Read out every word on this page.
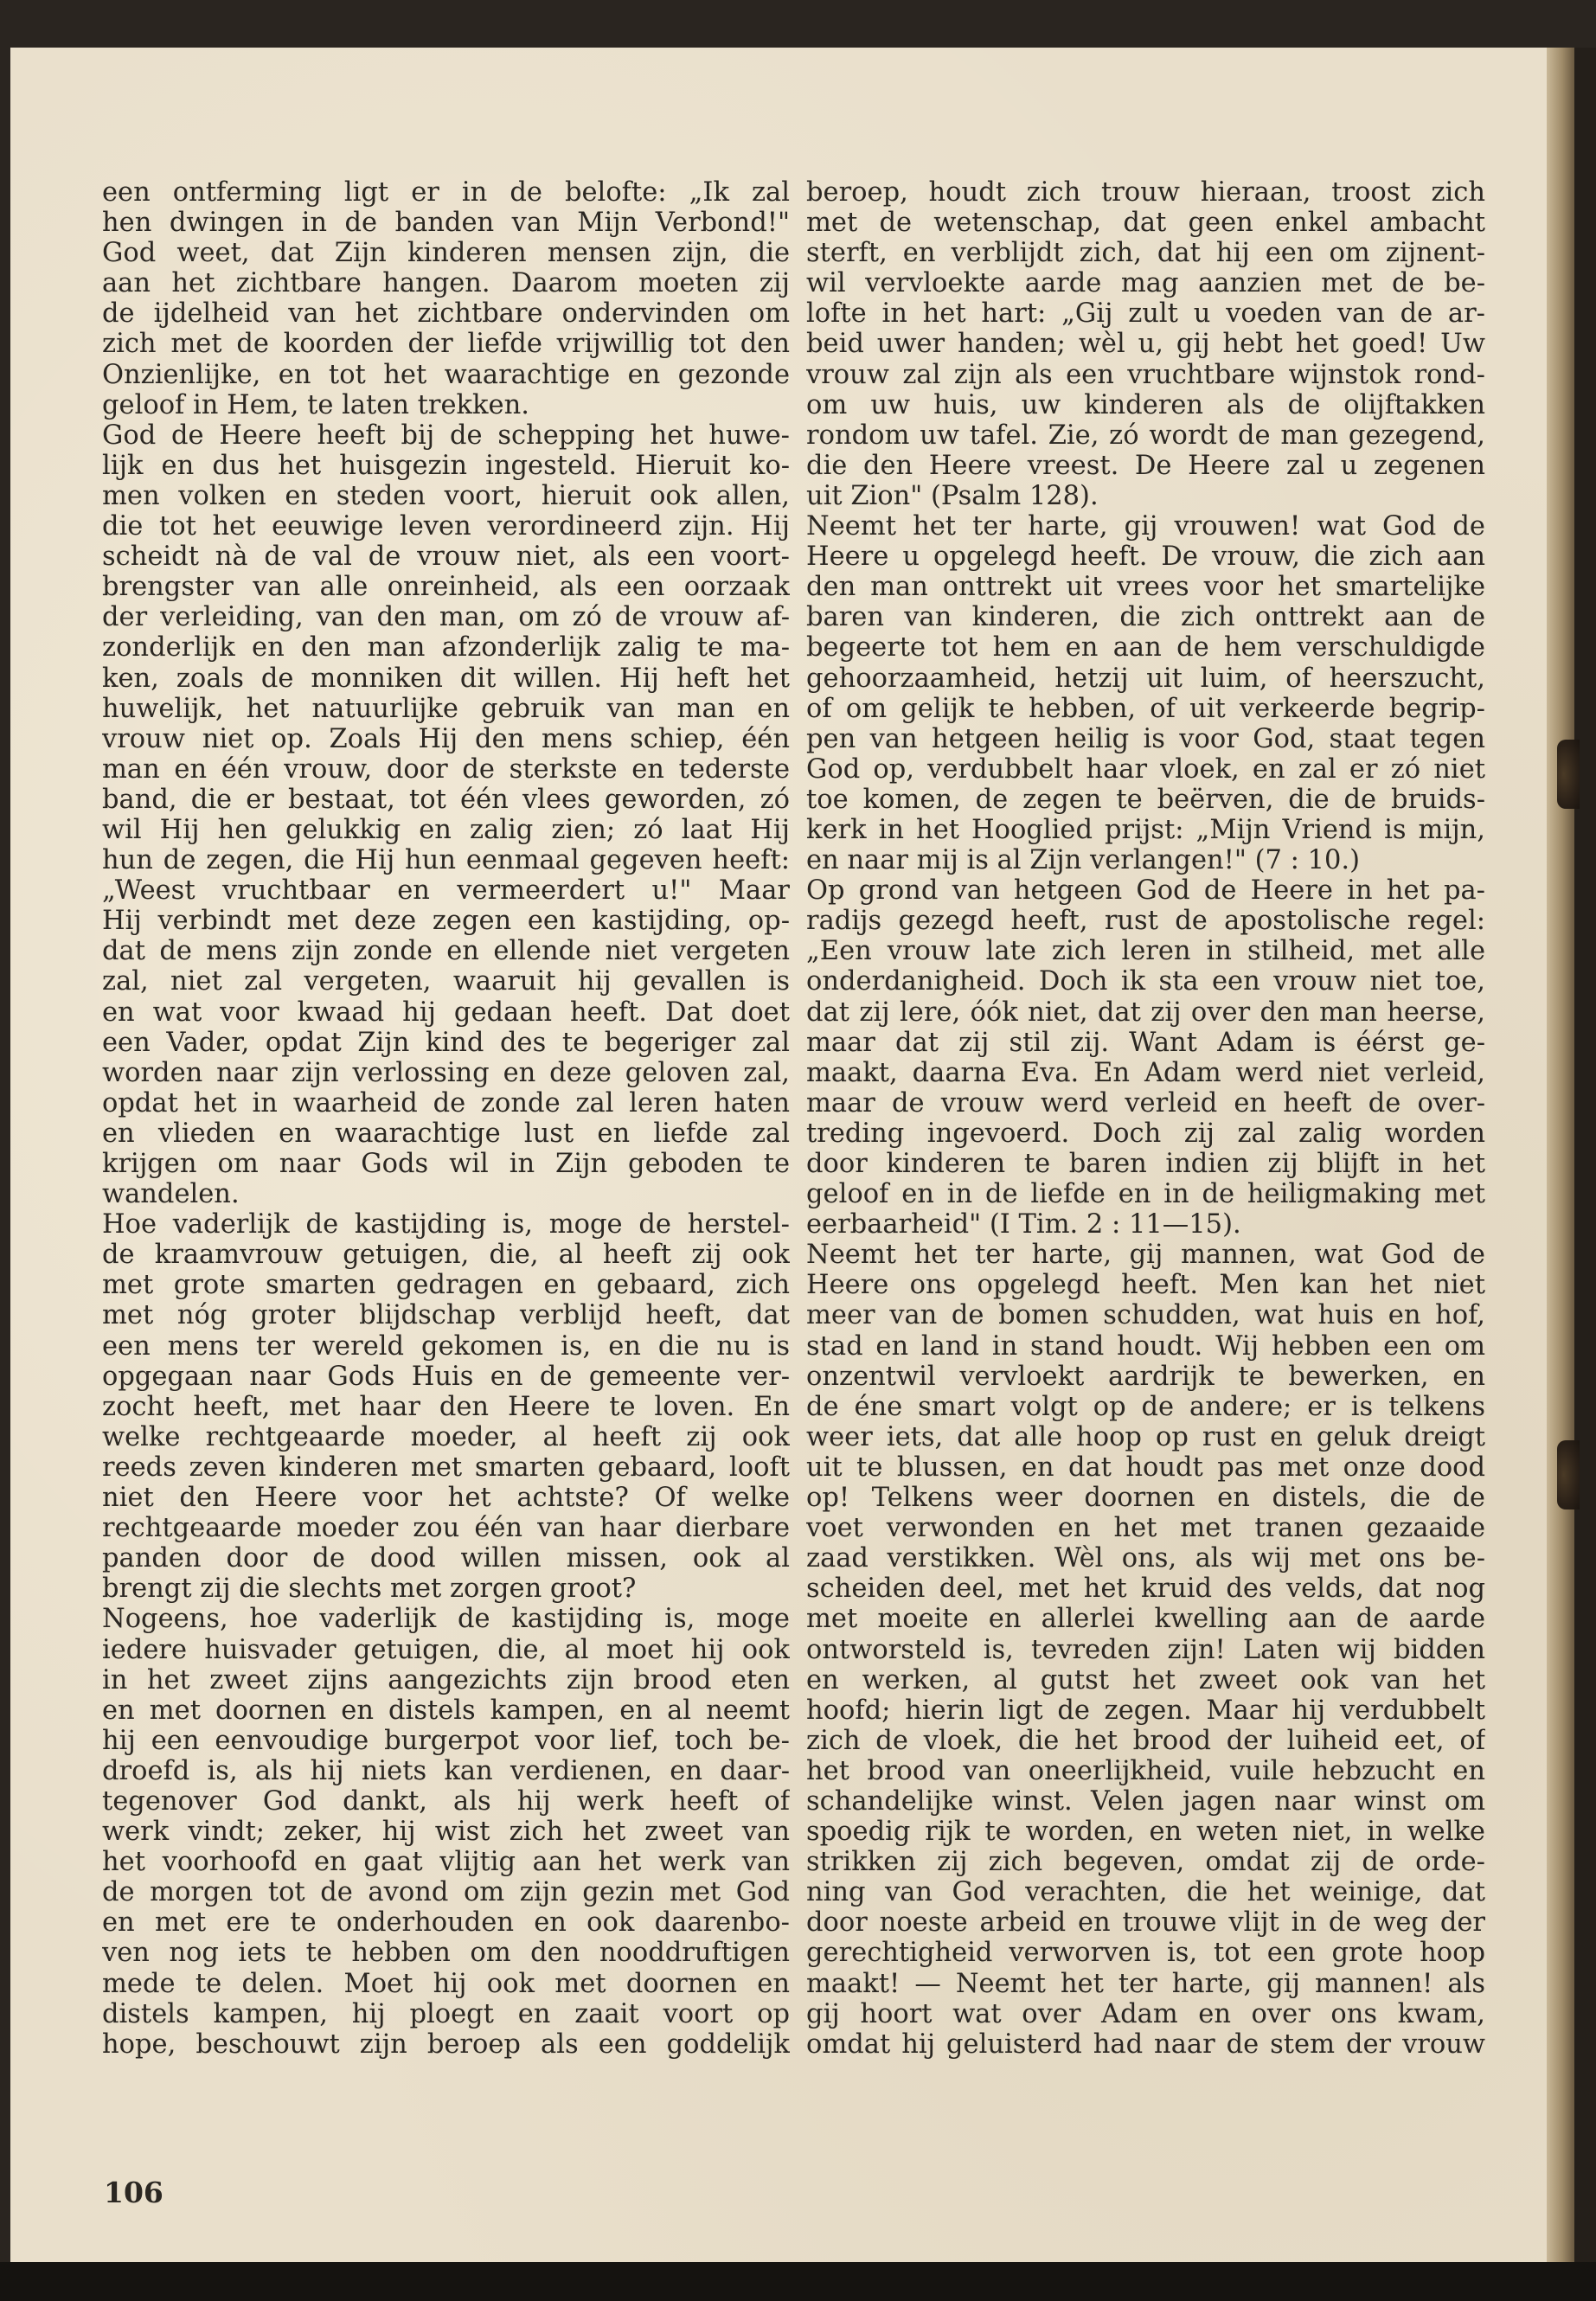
een ontferming ligt er in de belofte: „Ik zal
hen dwingen in de banden van Mijn Verbond!"
God weet, dat Zijn kinderen mensen zijn, die
aan het zichtbare hangen. Daarom moeten zij
de ijdelheid van het zichtbare ondervinden om
zich met de koorden der liefde vrijwillig tot den
Onzienlijke, en tot het waarachtige en gezonde
geloof in Hem, te laten trekken.
God de Heere heeft bij de schepping het huwe-
lijk en dus het huisgezin ingesteld. Hieruit ko-
men volken en steden voort, hieruit ook allen,
die tot het eeuwige leven verordineerd zijn. Hij
scheidt nà de val de vrouw niet, als een voort-
brengster van alle onreinheid, als een oorzaak
der verleiding, van den man, om zó de vrouw af-
zonderlijk en den man afzonderlijk zalig te ma-
ken, zoals de monniken dit willen. Hij heft het
huwelijk, het natuurlijke gebruik van man en
vrouw niet op. Zoals Hij den mens schiep, één
man en één vrouw, door de sterkste en tederste
band, die er bestaat, tot één vlees geworden, zó
wil Hij hen gelukkig en zalig zien; zó laat Hij
hun de zegen, die Hij hun eenmaal gegeven heeft:
„Weest vruchtbaar en vermeerdert u!" Maar
Hij verbindt met deze zegen een kastijding, op-
dat de mens zijn zonde en ellende niet vergeten
zal, niet zal vergeten, waaruit hij gevallen is
en wat voor kwaad hij gedaan heeft. Dat doet
een Vader, opdat Zijn kind des te begeriger zal
worden naar zijn verlossing en deze geloven zal,
opdat het in waarheid de zonde zal leren haten
en vlieden en waarachtige lust en liefde zal
krijgen om naar Gods wil in Zijn geboden te
wandelen.
Hoe vaderlijk de kastijding is, moge de herstel-
de kraamvrouw getuigen, die, al heeft zij ook
met grote smarten gedragen en gebaard, zich
met nóg groter blijdschap verblijd heeft, dat
een mens ter wereld gekomen is, en die nu is
opgegaan naar Gods Huis en de gemeente ver-
zocht heeft, met haar den Heere te loven. En
welke rechtgeaarde moeder, al heeft zij ook
reeds zeven kinderen met smarten gebaard, looft
niet den Heere voor het achtste? Of welke
rechtgeaarde moeder zou één van haar dierbare
panden door de dood willen missen, ook al
brengt zij die slechts met zorgen groot?
Nogeens, hoe vaderlijk de kastijding is, moge
iedere huisvader getuigen, die, al moet hij ook
in het zweet zijns aangezichts zijn brood eten
en met doornen en distels kampen, en al neemt
hij een eenvoudige burgerpot voor lief, toch be-
droefd is, als hij niets kan verdienen, en daar-
tegenover God dankt, als hij werk heeft of
werk vindt; zeker, hij wist zich het zweet van
het voorhoofd en gaat vlijtig aan het werk van
de morgen tot de avond om zijn gezin met God
en met ere te onderhouden en ook daarenbo-
ven nog iets te hebben om den nooddruftigen
mede te delen. Moet hij ook met doornen en
distels kampen, hij ploegt en zaait voort op
hope, beschouwt zijn beroep als een goddelijk
beroep, houdt zich trouw hieraan, troost zich
met de wetenschap, dat geen enkel ambacht
sterft, en verblijdt zich, dat hij een om zijnent-
wil vervloekte aarde mag aanzien met de be-
lofte in het hart: „Gij zult u voeden van de ar-
beid uwer handen; wèl u, gij hebt het goed! Uw
vrouw zal zijn als een vruchtbare wijnstok rond-
om uw huis, uw kinderen als de olijftakken
rondom uw tafel. Zie, zó wordt de man gezegend,
die den Heere vreest. De Heere zal u zegenen
uit Zion" (Psalm 128).
Neemt het ter harte, gij vrouwen! wat God de
Heere u opgelegd heeft. De vrouw, die zich aan
den man onttrekt uit vrees voor het smartelijke
baren van kinderen, die zich onttrekt aan de
begeerte tot hem en aan de hem verschuldigde
gehoorzaamheid, hetzij uit luim, of heerszucht,
of om gelijk te hebben, of uit verkeerde begrip-
pen van hetgeen heilig is voor God, staat tegen
God op, verdubbelt haar vloek, en zal er zó niet
toe komen, de zegen te beërven, die de bruids-
kerk in het Hooglied prijst: „Mijn Vriend is mijn,
en naar mij is al Zijn verlangen!" (7 : 10.)
Op grond van hetgeen God de Heere in het pa-
radijs gezegd heeft, rust de apostolische regel:
„Een vrouw late zich leren in stilheid, met alle
onderdanigheid. Doch ik sta een vrouw niet toe,
dat zij lere, óók niet, dat zij over den man heerse,
maar dat zij stil zij. Want Adam is éérst ge-
maakt, daarna Eva. En Adam werd niet verleid,
maar de vrouw werd verleid en heeft de over-
treding ingevoerd. Doch zij zal zalig worden
door kinderen te baren indien zij blijft in het
geloof en in de liefde en in de heiligmaking met
eerbaarheid" (I Tim. 2 : 11—15).
Neemt het ter harte, gij mannen, wat God de
Heere ons opgelegd heeft. Men kan het niet
meer van de bomen schudden, wat huis en hof,
stad en land in stand houdt. Wij hebben een om
onzentwil vervloekt aardrijk te bewerken, en
de éne smart volgt op de andere; er is telkens
weer iets, dat alle hoop op rust en geluk dreigt
uit te blussen, en dat houdt pas met onze dood
op! Telkens weer doornen en distels, die de
voet verwonden en het met tranen gezaaide
zaad verstikken. Wèl ons, als wij met ons be-
scheiden deel, met het kruid des velds, dat nog
met moeite en allerlei kwelling aan de aarde
ontworsteld is, tevreden zijn! Laten wij bidden
en werken, al gutst het zweet ook van het
hoofd; hierin ligt de zegen. Maar hij verdubbelt
zich de vloek, die het brood der luiheid eet, of
het brood van oneerlijkheid, vuile hebzucht en
schandelijke winst. Velen jagen naar winst om
spoedig rijk te worden, en weten niet, in welke
strikken zij zich begeven, omdat zij de orde-
ning van God verachten, die het weinige, dat
door noeste arbeid en trouwe vlijt in de weg der
gerechtigheid verworven is, tot een grote hoop
maakt! — Neemt het ter harte, gij mannen! als
gij hoort wat over Adam en over ons kwam,
omdat hij geluisterd had naar de stem der vrouw
106
